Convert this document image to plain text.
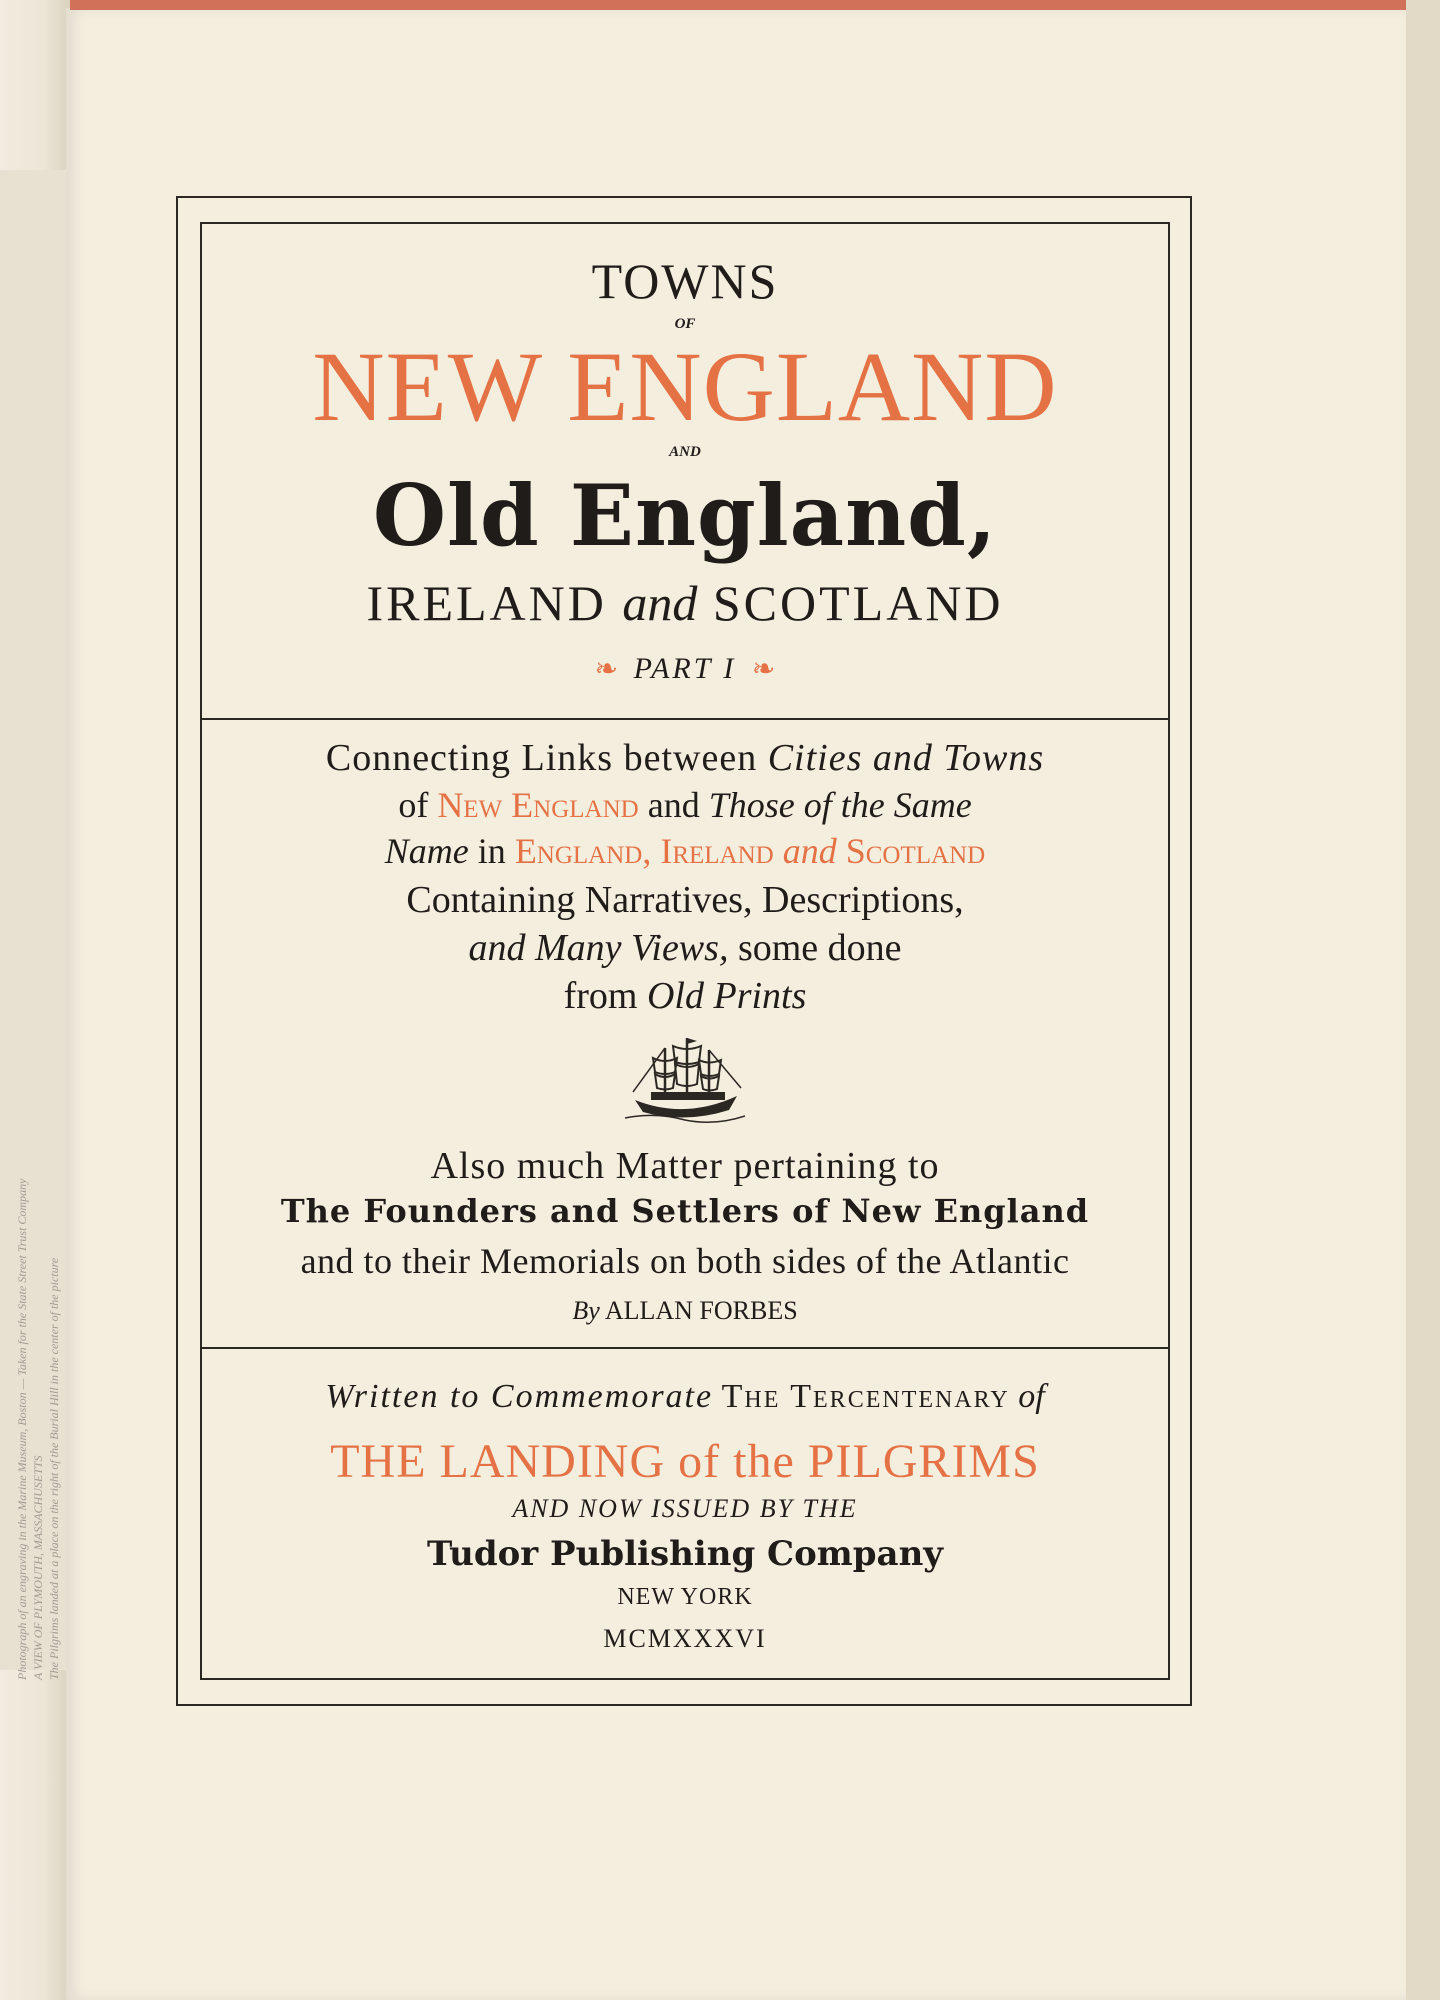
Photograph of an engraving in the Marine Museum, Boston — Taken for the State Street Trust Company A VIEW OF PLYMOUTH, MASSACHUSETTS The Pilgrims landed at a place on the right of the Burial Hill in the center of the picture
TOWNS
OF
NEW ENGLAND
AND
Old England,
IRELAND and SCOTLAND
❧ PART I ❧
Connecting Links between Cities and Towns
of New England and Those of the Same
Name in England, Ireland and Scotland
Containing Narratives, Descriptions,
and Many Views, some done
from Old Prints
Also much Matter pertaining to
The Founders and Settlers of New England
and to their Memorials on both sides of the Atlantic
By ALLAN FORBES
Written to Commemorate The Tercentenary of
THE LANDING of the PILGRIMS
AND NOW ISSUED BY THE
Tudor Publishing Company
NEW YORK
MCMXXXVI
